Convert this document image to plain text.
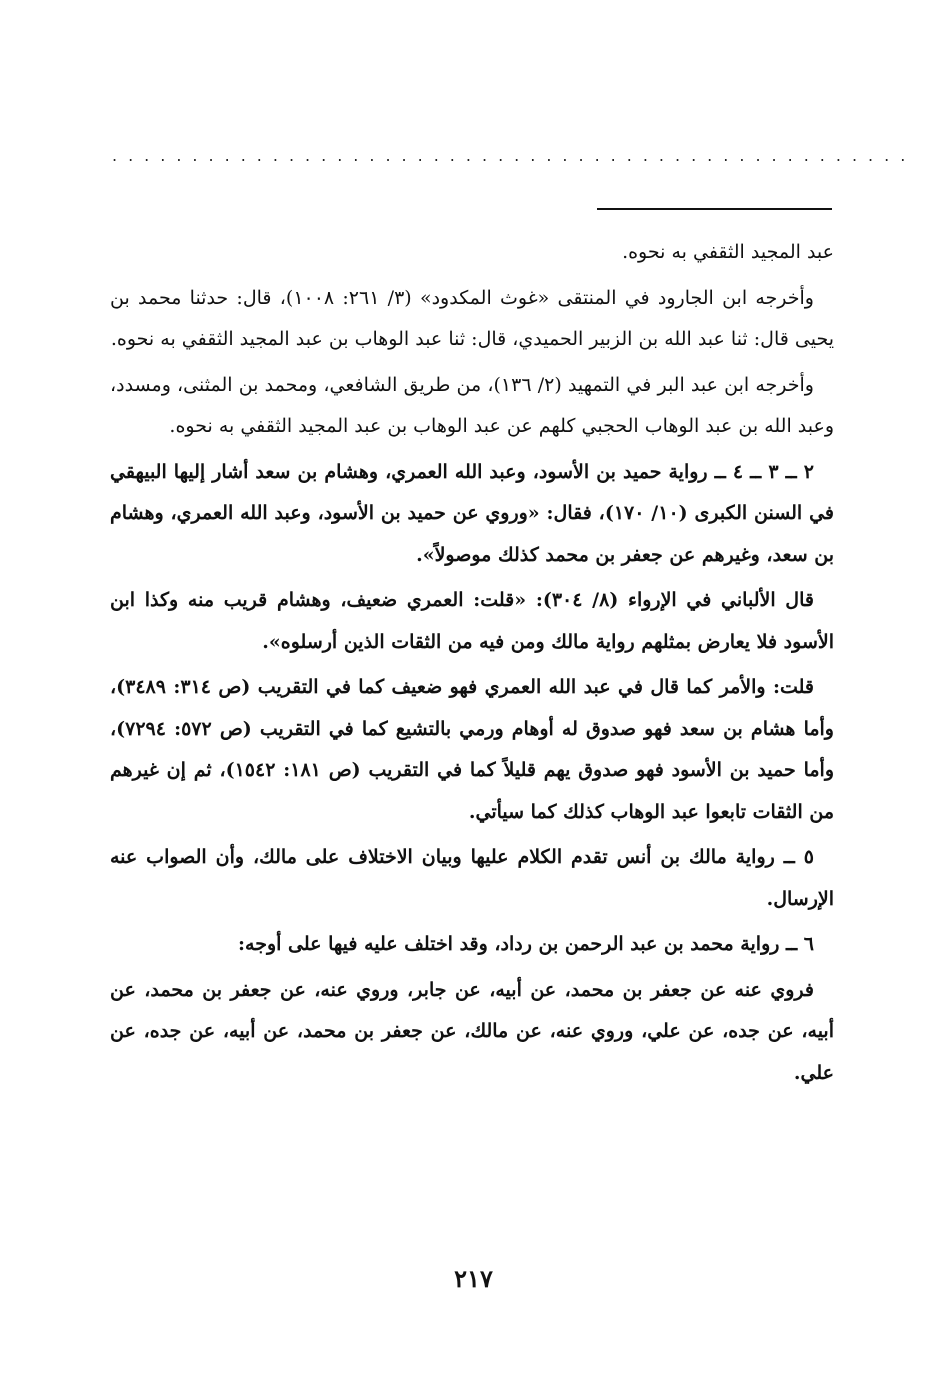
..................................................

عبد المجيد الثقفي به نحوه.

وأخرجه ابن الجارود في المنتقى «غوث المكدود» (٣/ ٢٦١: ١٠٠٨)، قال: حدثنا محمد بن يحيى قال: ثنا عبد الله بن الزبير الحميدي، قال: ثنا عبد الوهاب بن عبد المجيد الثقفي به نحوه.

وأخرجه ابن عبد البر في التمهيد (٢/ ١٣٦)، من طريق الشافعي، ومحمد بن المثنى، ومسدد، وعبد الله بن عبد الوهاب الحجبي كلهم عن عبد الوهاب بن عبد المجيد الثقفي به نحوه.

٢ ــ ٣ ــ ٤ ــ رواية حميد بن الأسود، وعبد الله العمري، وهشام بن سعد أشار إليها البيهقي في السنن الكبرى (١٠/ ١٧٠)، فقال: «وروي عن حميد بن الأسود، وعبد الله العمري، وهشام بن سعد، وغيرهم عن جعفر بن محمد كذلك موصولاً».

قال الألباني في الإرواء (٨/ ٣٠٤): «قلت: العمري ضعيف، وهشام قريب منه وكذا ابن الأسود فلا يعارض بمثلهم رواية مالك ومن فيه من الثقات الذين أرسلوه».

قلت: والأمر كما قال في عبد الله العمري فهو ضعيف كما في التقريب (ص ٣١٤: ٣٤٨٩)، وأما هشام بن سعد فهو صدوق له أوهام ورمي بالتشيع كما في التقريب (ص ٥٧٢: ٧٢٩٤)، وأما حميد بن الأسود فهو صدوق يهم قليلاً كما في التقريب (ص ١٨١: ١٥٤٢)، ثم إن غيرهم من الثقات تابعوا عبد الوهاب كذلك كما سيأتي.

٥ ــ رواية مالك بن أنس تقدم الكلام عليها وبيان الاختلاف على مالك، وأن الصواب عنه الإرسال.

٦ ــ رواية محمد بن عبد الرحمن بن رداد، وقد اختلف عليه فيها على أوجه:

فروي عنه عن جعفر بن محمد، عن أبيه، عن جابر، وروي عنه، عن جعفر بن محمد، عن أبيه، عن جده، عن علي، وروي عنه، عن مالك، عن جعفر بن محمد، عن أبيه، عن جده، عن علي.

٢١٧
